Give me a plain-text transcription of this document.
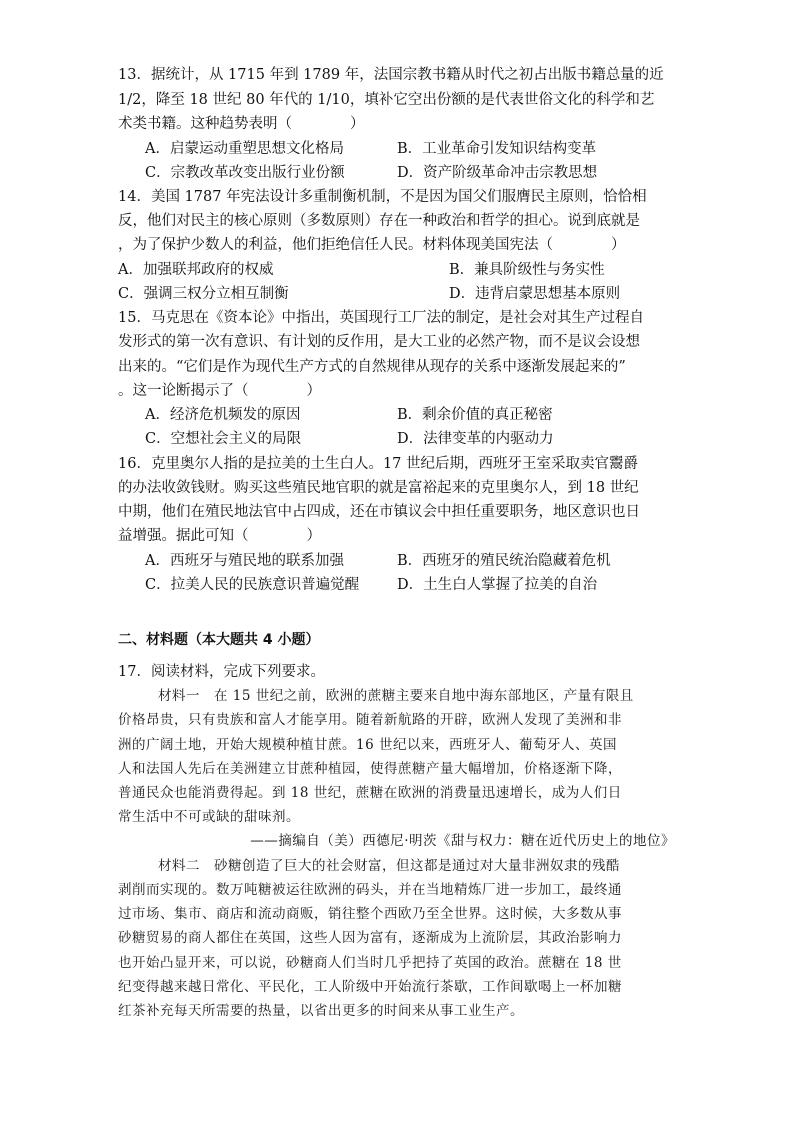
13．据统计，从 1715 年到 1789 年，法国宗教书籍从时代之初占出版书籍总量的近
1/2，降至 18 世纪 80 年代的 1/10，填补它空出份额的是代表世俗文化的科学和艺
术类书籍。这种趋势表明（　　　　）
A．启蒙运动重塑思想文化格局	B．工业革命引发知识结构变革
C．宗教改革改变出版行业份额	D．资产阶级革命冲击宗教思想
14．美国 1787 年宪法设计多重制衡机制，不是因为国父们服膺民主原则，恰恰相
反，他们对民主的核心原则（多数原则）存在一种政治和哲学的担心。说到底就是
，为了保护少数人的利益，他们拒绝信任人民。材料体现美国宪法（　　　　）
A．加强联邦政府的权威	B．兼具阶级性与务实性
C．强调三权分立相互制衡	D．违背启蒙思想基本原则
15．马克思在《资本论》中指出，英国现行工厂法的制定，是社会对其生产过程自
发形式的第一次有意识、有计划的反作用，是大工业的必然产物，而不是议会设想
出来的。“它们是作为现代生产方式的自然规律从现存的关系中逐渐发展起来的”
。这一论断揭示了（　　　　）
A．经济危机频发的原因	B．剩余价值的真正秘密
C．空想社会主义的局限	D．法律变革的内驱动力
16．克里奥尔人指的是拉美的土生白人。17 世纪后期，西班牙王室采取卖官鬻爵
的办法收敛钱财。购买这些殖民地官职的就是富裕起来的克里奥尔人，到 18 世纪
中期，他们在殖民地法官中占四成，还在市镇议会中担任重要职务，地区意识也日
益增强。据此可知（　　　　）
A．西班牙与殖民地的联系加强	B．西班牙的殖民统治隐藏着危机
C．拉美人民的民族意识普遍觉醒	D．土生白人掌握了拉美的自治
二、材料题（本大题共 4 小题）
17．阅读材料，完成下列要求。
材料一　在 15 世纪之前，欧洲的蔗糖主要来自地中海东部地区，产量有限且
价格昂贵，只有贵族和富人才能享用。随着新航路的开辟，欧洲人发现了美洲和非
洲的广阔土地，开始大规模种植甘蔗。16 世纪以来，西班牙人、葡萄牙人、英国
人和法国人先后在美洲建立甘蔗种植园，使得蔗糖产量大幅增加，价格逐渐下降，
普通民众也能消费得起。到 18 世纪，蔗糖在欧洲的消费量迅速增长，成为人们日
常生活中不可或缺的甜味剂。
——摘编自（美）西德尼·明茨《甜与权力：糖在近代历史上的地位》
材料二　砂糖创造了巨大的社会财富，但这都是通过对大量非洲奴隶的残酷
剥削而实现的。数万吨糖被运往欧洲的码头，并在当地精炼厂进一步加工，最终通
过市场、集市、商店和流动商贩，销往整个西欧乃至全世界。这时候，大多数从事
砂糖贸易的商人都住在英国，这些人因为富有，逐渐成为上流阶层，其政治影响力
也开始凸显开来，可以说，砂糖商人们当时几乎把持了英国的政治。蔗糖在 18 世
纪变得越来越日常化、平民化，工人阶级中开始流行茶歇，工作间歇喝上一杯加糖
红茶补充每天所需要的热量，以省出更多的时间来从事工业生产。
